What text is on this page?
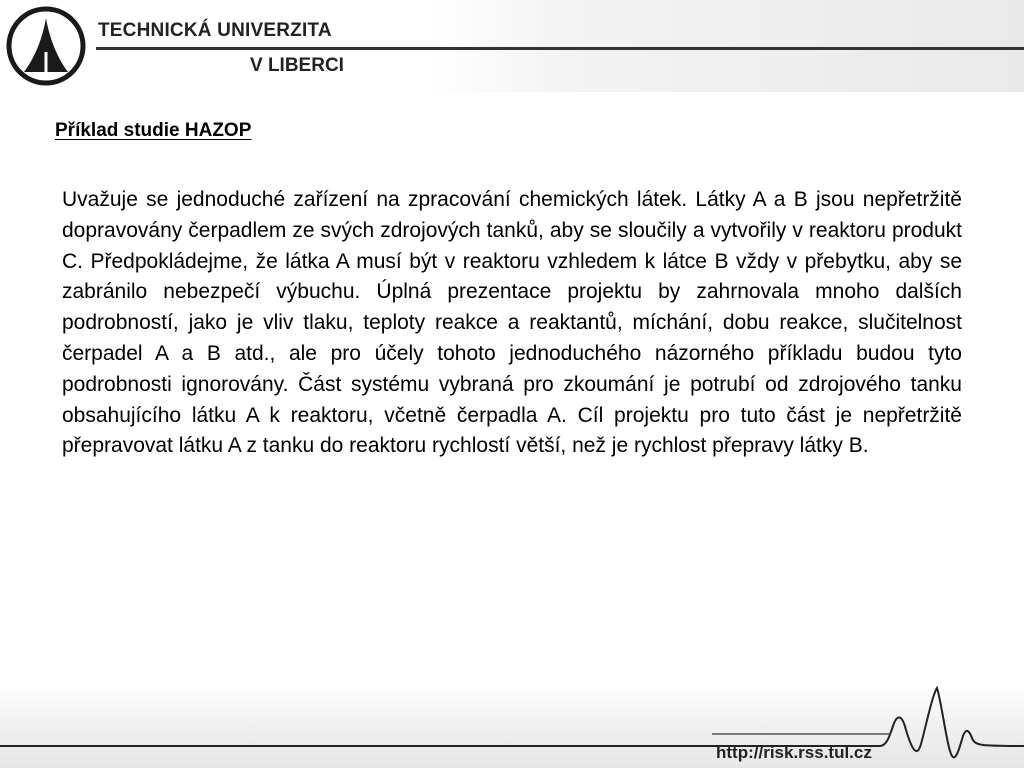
TECHNICKÁ UNIVERZITA
V LIBERCI
Příklad studie HAZOP

Uvažuje se jednoduché zařízení na zpracování chemických látek. Látky A a B jsou nepřetržitě dopravovány čerpadlem ze svých zdrojových tanků, aby se sloučily a vytvořily v reaktoru produkt C. Předpokládejme, že látka A musí být v reaktoru vzhledem k látce B vždy v přebytku, aby se zabránilo nebezpečí výbuchu. Úplná prezentace projektu by zahrnovala mnoho dalších podrobností, jako je vliv tlaku, teploty reakce a reaktantů, míchání, dobu reakce, slučitelnost čerpadel A a B atd., ale pro účely tohoto jednoduchého názorného příkladu budou tyto podrobnosti ignorovány. Část systému vybraná pro zkoumání je potrubí od zdrojového tanku obsahujícího látku A k reaktoru, včetně čerpadla A. Cíl projektu pro tuto část je nepřetržitě přepravovat látku A z tanku do reaktoru rychlostí větší, než je rychlost přepravy látky B.

http://risk.rss.tul.cz
